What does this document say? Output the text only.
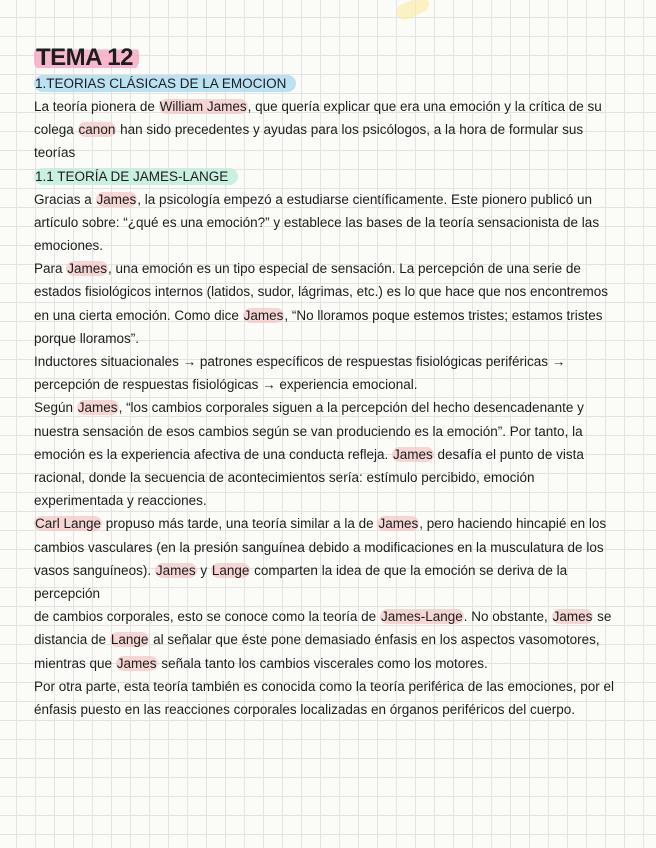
TEMA 12
1.TEORIAS CLÁSICAS DE LA EMOCION

La teoría pionera de William James, que quería explicar que era una emoción y la crítica de su colega canon han sido precedentes y ayudas para los psicólogos, a la hora de formular sus teorías

1.1 TEORÍA DE JAMES-LANGE

Gracias a James, la psicología empezó a estudiarse científicamente. Este pionero publicó un artículo sobre: “¿qué es una emoción?” y establece las bases de la teoría sensacionista de las emociones.

Para James, una emoción es un tipo especial de sensación. La percepción de una serie de estados fisiológicos internos (latidos, sudor, lágrimas, etc.) es lo que hace que nos encontremos en una cierta emoción. Como dice James, “No lloramos poque estemos tristes; estamos tristes porque lloramos”.

Inductores situacionales → patrones específicos de respuestas fisiológicas periféricas → percepción de respuestas fisiológicas → experiencia emocional.

Según James, “los cambios corporales siguen a la percepción del hecho desencadenante y nuestra sensación de esos cambios según se van produciendo es la emoción”. Por tanto, la emoción es la experiencia afectiva de una conducta refleja. James desafía el punto de vista racional, donde la secuencia de acontecimientos sería: estímulo percibido, emoción experimentada y reacciones.

Carl Lange propuso más tarde, una teoría similar a la de James, pero haciendo hincapié en los cambios vasculares (en la presión sanguínea debido a modificaciones en la musculatura de los vasos sanguíneos). James y Lange comparten la idea de que la emoción se deriva de la percepción

de cambios corporales, esto se conoce como la teoría de James-Lange. No obstante, James se distancia de Lange al señalar que éste pone demasiado énfasis en los aspectos vasomotores, mientras que James señala tanto los cambios viscerales como los motores.

Por otra parte, esta teoría también es conocida como la teoría periférica de las emociones, por el énfasis puesto en las reacciones corporales localizadas en órganos periféricos del cuerpo.
